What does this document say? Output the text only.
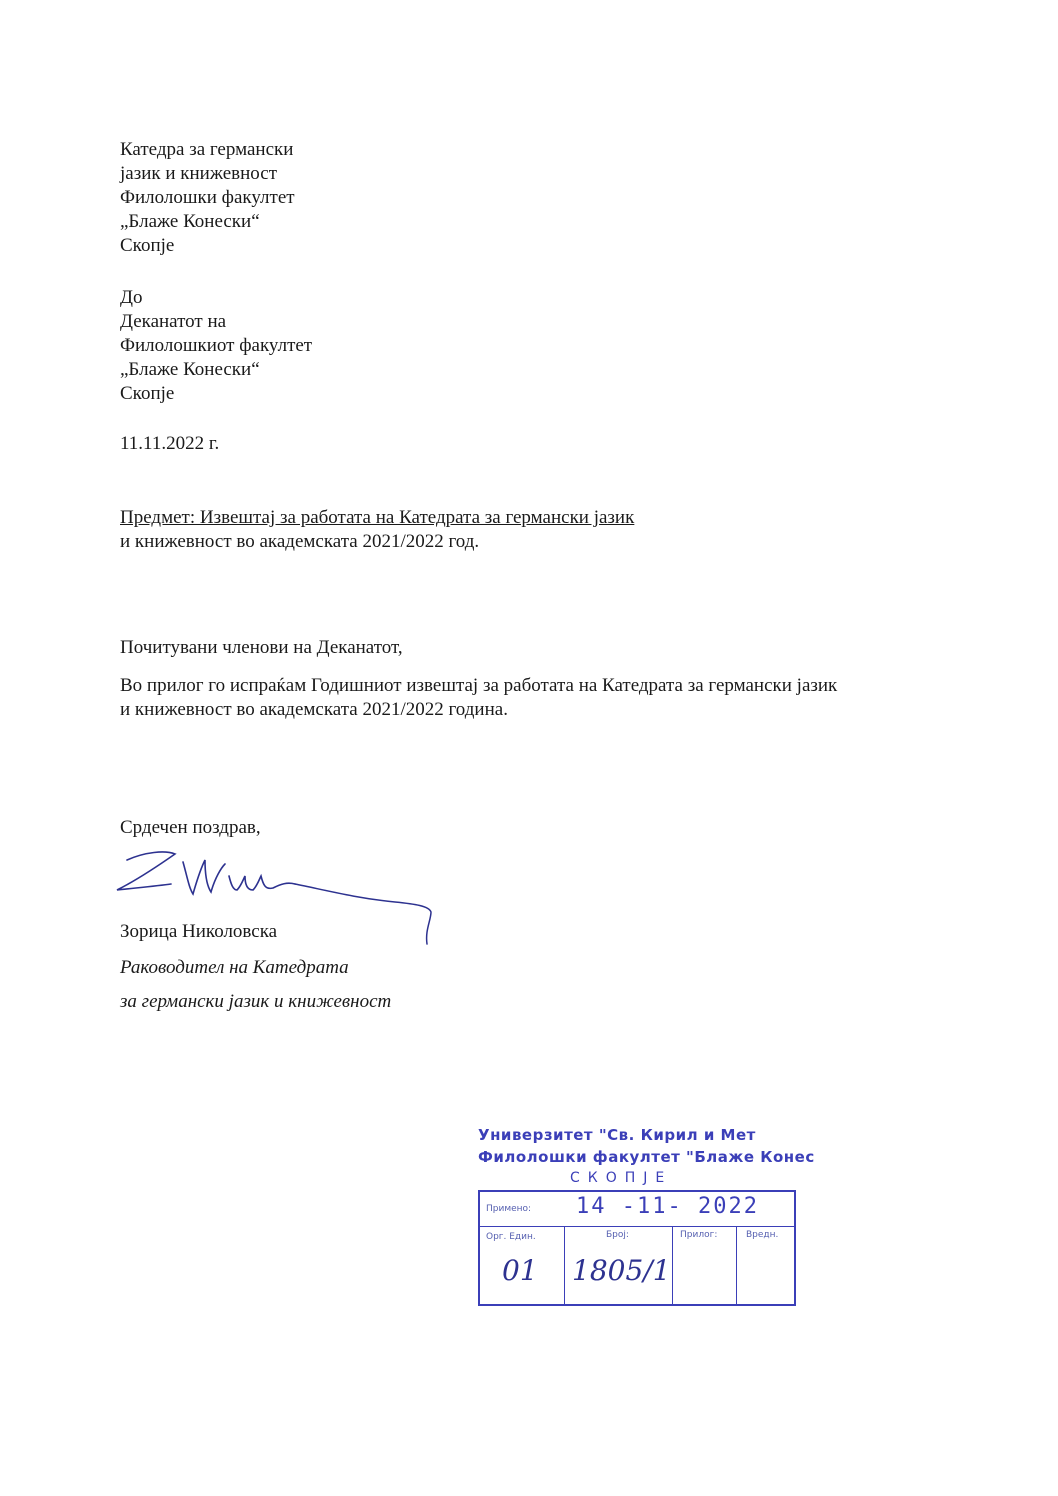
Катедра за германски
јазик и книжевност
Филолошки факултет
„Блаже Конески“
Скопје
До
Деканатот на
Филолошкиот факултет
„Блаже Конески“
Скопје
11.11.2022 г.
Предмет: Извештај за работата на Катедрата за германски јазик
и книжевност во академската 2021/2022 год.
Почитувани членови на Деканатот,
Во прилог го испраќам Годишниот извештај за работата на Катедрата за германски јазик
и книжевност во академската 2021/2022 година.
Срдечен поздрав,
Зорица Николовска
Раководител на Катедрата
за германски јазик и книжевност
Универзитет "Св. Кирил и Мет
Филолошки факултет "Блаже Конес
СКОПЈЕ
Примено: 14 -11- 2022
Орг. Един.	Број:	Прилог:	Вредн.
01 1805/1
